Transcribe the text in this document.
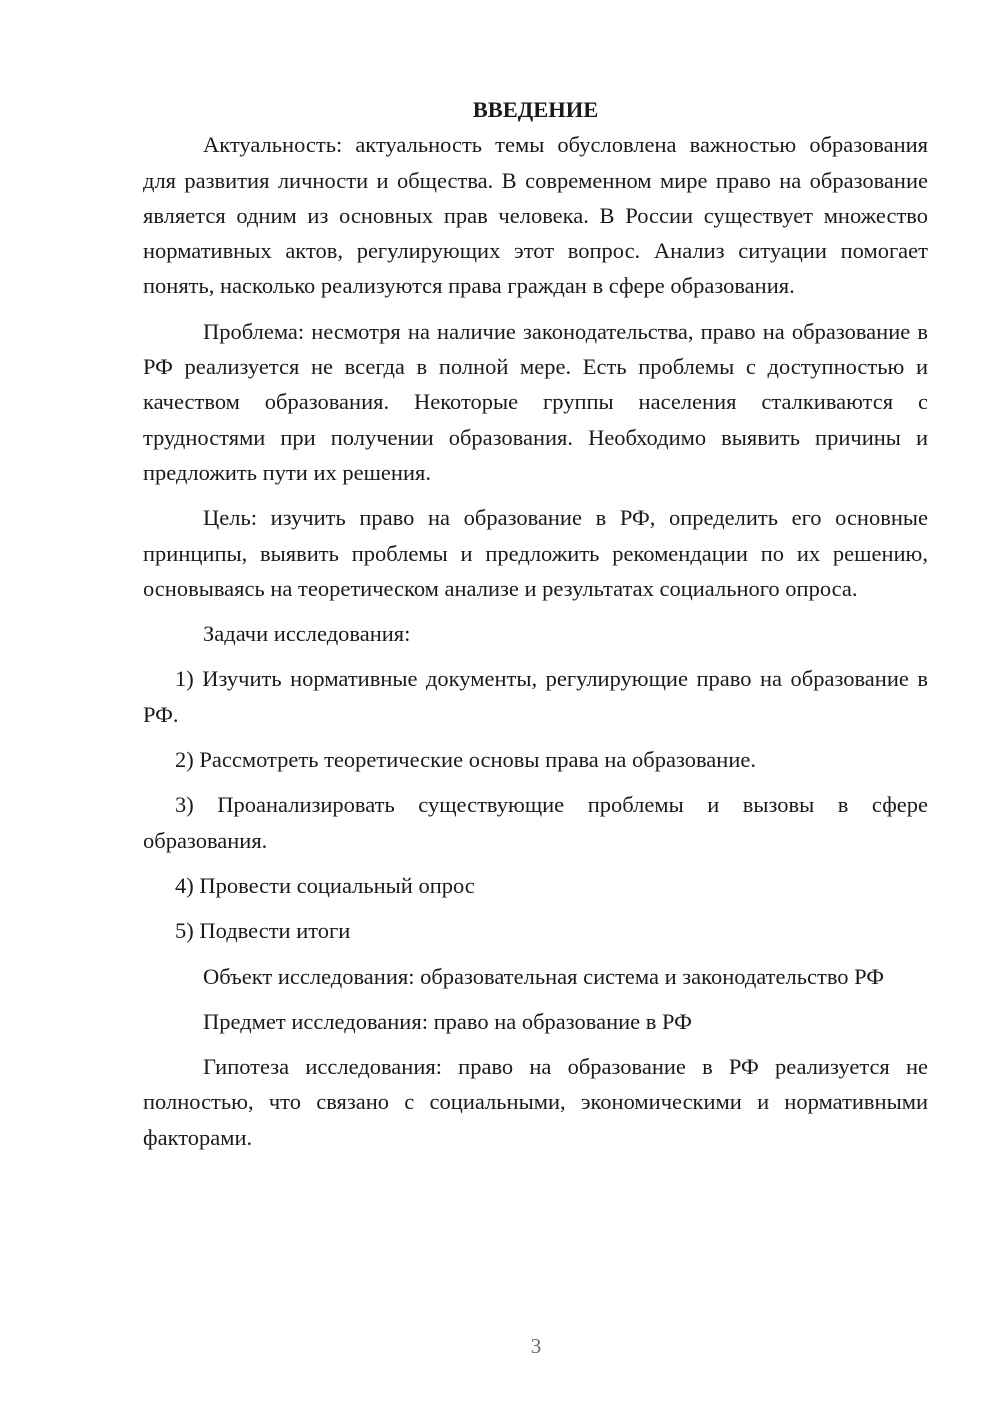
ВВЕДЕНИЕ

Актуальность: актуальность темы обусловлена важностью образования для развития личности и общества. В современном мире право на образование является одним из основных прав человека. В России существует множество нормативных актов, регулирующих этот вопрос. Анализ ситуации помогает понять, насколько реализуются права граждан в сфере образования.

Проблема: несмотря на наличие законодательства, право на образование в РФ реализуется не всегда в полной мере. Есть проблемы с доступностью и качеством образования. Некоторые группы населения сталкиваются с трудностями при получении образования. Необходимо выявить причины и предложить пути их решения.

Цель: изучить право на образование в РФ, определить его основные принципы, выявить проблемы и предложить рекомендации по их решению, основываясь на теоретическом анализе и результатах социального опроса.

Задачи исследования:

1) Изучить нормативные документы, регулирующие право на образование в РФ.

2) Рассмотреть теоретические основы права на образование.

3) Проанализировать существующие проблемы и вызовы в сфере образования.

4) Провести социальный опрос

5) Подвести итоги

Объект исследования: образовательная система и законодательство РФ

Предмет исследования: право на образование в РФ

Гипотеза исследования: право на образование в РФ реализуется не полностью, что связано с социальными, экономическими и нормативными факторами.

3
